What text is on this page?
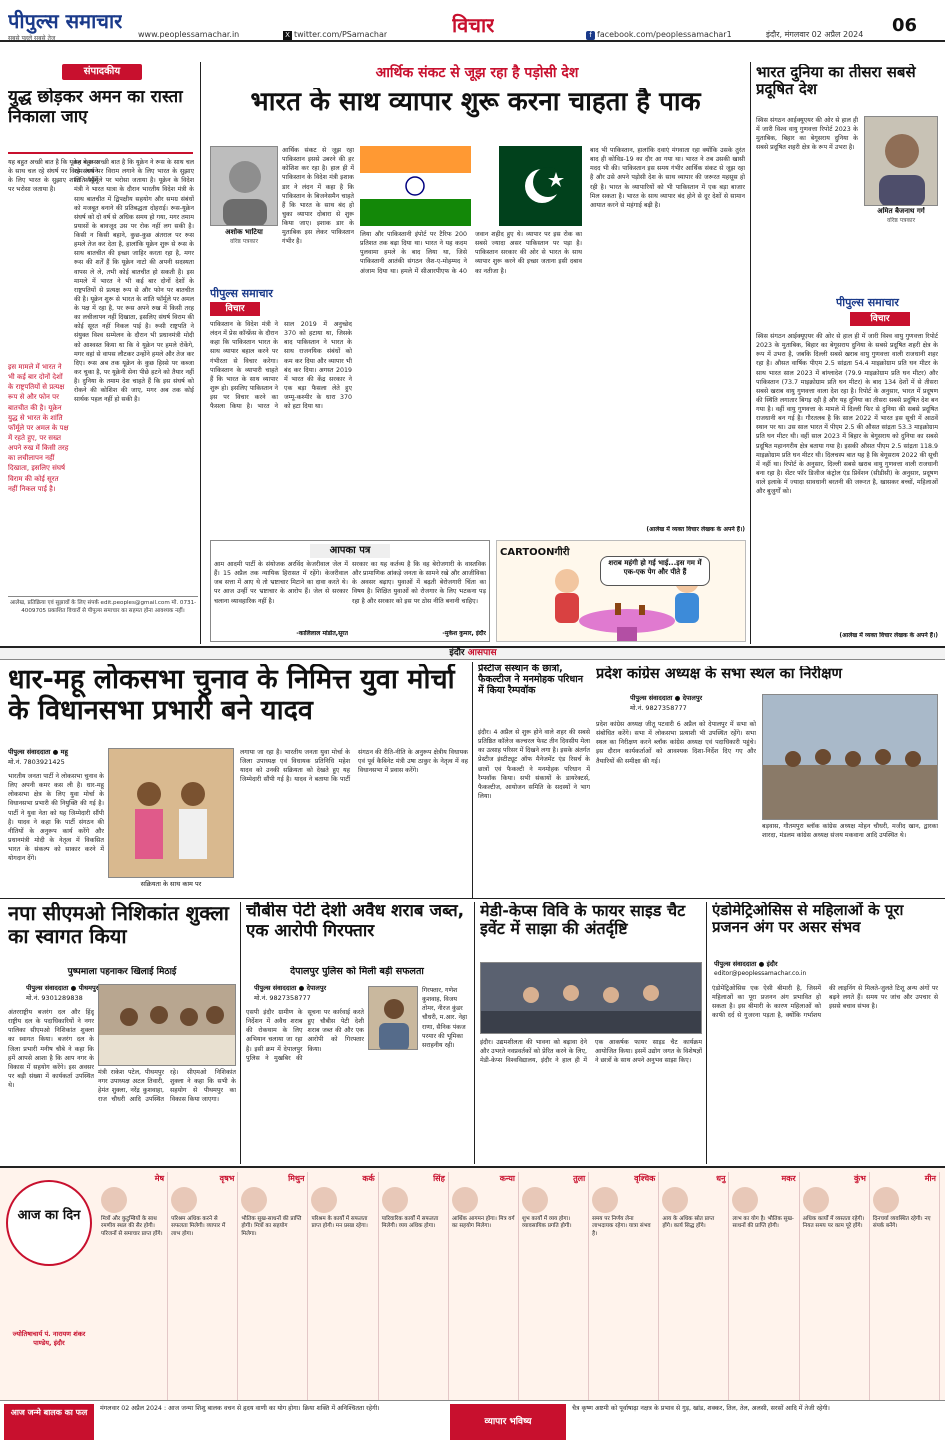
पीपुल्स समाचार
सबसे पहले सबसे तेज	www.peoplessamachar.in	X twitter.com/PSamachar	विचार	f facebook.com/peoplessamachar1	इंदौर, मंगलवार 02 अप्रैल 2024 06
संपादकीय
युद्ध छोड़कर अमन का रास्ता निकाला जाए
यह बहुत अच्छी बात है कि यूक्रेन ने रूस के साथ चल रहे संघर्ष पर विराम लगाने के लिए भारत के सुझाए शांति फॉर्मूले पर भरोसा जताया है।
इस मामले में भारत ने भी कई बार दोनों देशों के राष्ट्रपतियों से प्रत्यक्ष रूप से और फोन पर बातचीत की है। यूक्रेन युद्ध से भारत के शांति फॉर्मूले पर अमल के पक्ष में रहते हुए, पर सख्त अपने रुख में किसी तरह का लचीलापन नहीं दिखाता, इसलिए संघर्ष विराम की कोई सूरत नहीं निकल पाई है।
यह बहुत अच्छी बात है कि यूक्रेन ने रूस के साथ चल रहे संघर्ष पर विराम लगाने के लिए भारत के सुझाए शांति फॉर्मूले पर भरोसा जताया है। यूक्रेन के विदेश मंत्री ने भारत यात्रा के दौरान भारतीय विदेश मंत्री के साथ बातचीत में द्विपक्षीय सहयोग और समग्र संबंधों को मजबूत बनाने की प्रतिबद्धता दोहराई। रूस-यूक्रेन संघर्ष को दो वर्ष से अधिक समय हो गया, मगर तमाम प्रयासों के बावजूद उस पर रोक नहीं लग सकी है। किसी न किसी बहाने, कुछ-कुछ अंतराल पर रूस हमले तेज कर देता है, हालांकि यूक्रेन शुरू से रूस के साथ बातचीत की इच्छा जाहिर करता रहा है, मगर रूस की शर्तें हैं कि यूक्रेन नाटो की अपनी सदस्यता वापस ले ले, तभी कोई बातचीत हो सकती है। इस मामले में भारत ने भी कई बार दोनों देशों के राष्ट्रपतियों से प्रत्यक्ष रूप से और फोन पर बातचीत की है। यूक्रेन शुरू से भारत के शांति फॉर्मूले पर अमल के पक्ष में रहा है, पर रूस अपने रुख में किसी तरह का लचीलापन नहीं दिखाता, इसलिए संघर्ष विराम की कोई सूरत नहीं निकल पाई है। रूसी राष्ट्रपति ने संयुक्त विश्व सम्मेलन के दौरान भी प्रधानमंत्री मोदी को आश्वस्त किया था कि वे यूक्रेन पर हमले रोकेंगे, मगर वहां से वापस लौटकर उन्होंने हमले और तेज कर दिए। रूस अब तक यूक्रेन के कुछ हिस्से पर कब्जा कर चुका है, पर यूक्रेनी सेना पीछे हटने को तैयार नहीं है। दुनिया के तमाम देश चाहते हैं कि इस संघर्ष को रोकने की कोशिश की जाए, मगर अब तक कोई सार्थक पहल नहीं हो सकी है।
आलेख, प्रतिक्रिया एवं सुझावों के लिए संपर्क edit.peoples@gmail.com मो. 0731-4009705 प्रकाशित विचारों से पीपुल्स समाचार का सहमत होना आवश्यक नहीं।
आर्थिक संकट से जूझ रहा है पड़ोसी देश
भारत के साथ व्यापार शुरू करना चाहता है पाक
अशोक भाटिया
वरिष्ठ पत्रकार
पीपुल्स समाचार
विचार
आर्थिक संकट से जूझ रहा पाकिस्तान इससे उबरने की हर कोशिश कर रहा है। हाल ही में पाकिस्तान के विदेश मंत्री इशाक डार ने लंदन में कहा है कि पाकिस्तान के बिजनेसमैन चाहते हैं कि भारत के साथ बंद हो चुका व्यापार दोबारा से शुरू किया जाए। इशाक डार के मुताबिक इस लेकर पाकिस्तान गंभीर है।
पाकिस्तान के विदेश मंत्री ने लंदन में प्रेस कॉन्फ्रेंस के दौरान कहा कि पाकिस्तान भारत के साथ व्यापार बहाल करने पर गंभीरता से विचार करेगा। पाकिस्तान के व्यापारी चाहते हैं कि भारत के साथ व्यापार शुरू हो। इसलिए पाकिस्तान ने इस पर विचार करने का फैसला किया है। भारत ने साल 2019 में अनुच्छेद 370 को हटाया था, जिसके बाद पाकिस्तान ने भारत के साथ राजनयिक संबंधों को कम कर दिया और व्यापार भी बंद कर दिया। अगस्त 2019 में भारत की केंद्र सरकार ने एक बड़ा फैसला लेते हुए जम्मू-कश्मीर के धारा 370 को हटा दिया था।
लिया और पाकिस्तानी इंपोर्ट पर टैरिफ 200 प्रतिशत तक बढ़ा दिया था। भारत ने यह कदम पुलवामा हमले के बाद लिया था, जिसे पाकिस्तानी आतंकी संगठन जैश-ए-मोहम्मद ने अंजाम दिया था। हमले में सीआरपीएफ के 40 जवान शहीद हुए थे। व्यापार पर इस रोक का सबसे ज्यादा असर पाकिस्तान पर पड़ा है। पाकिस्तान सरकार की ओर से भारत के साथ व्यापार शुरू करने की इच्छा जताना इसी दबाव का नतीजा है।
बाद भी पाकिस्तान, हालांकि दवाएं मंगवाता रहा क्योंकि उसके तुरंत बाद ही कोविड-19 का दौर आ गया था। भारत ने तब उसकी खासी मदद भी की। पाकिस्तान इस समय गंभीर आर्थिक संकट से जूझ रहा है और उसे अपने पड़ोसी देश के साथ व्यापार की जरूरत महसूस हो रही है। भारत के व्यापारियों को भी पाकिस्तान में एक बड़ा बाजार मिल सकता है। भारत के साथ व्यापार बंद होने से दूर देशों से सामान आयात करने से महंगाई बढ़ी है।
(आलेख में व्यक्त विचार लेखक के अपने हैं।)
आपका पत्र
आम आदमी पार्टी के संयोजक अरविंद केजरीवाल जेल में हैं। 15 अप्रैल तक न्यायिक हिरासत में रहेंगे। केजरीवाल जब सत्ता में आए थे तो भ्रष्टाचार मिटाने का दावा करते थे। पर आज उन्हीं पर भ्रष्टाचार के आरोप हैं। जेल से सरकार चलाना व्यावहारिक नहीं है।
-कालिलाल मांडोत,सूरत
सरकार का यह कर्तव्य है कि वह बेरोजगारी के वास्तविक और प्रामाणिक आंकड़े जनता के सामने रखे और आजीविका के अवसर बढ़ाए। युवाओं में बढ़ती बेरोजगारी चिंता का विषय है। शिक्षित युवाओं को रोजगार के लिए भटकना पड़ रहा है और सरकार को इस पर ठोस नीति बनानी चाहिए।
-मुकेश कुमार, इंदौर
CARTOONगीरी
शराब महंगी हो गई भाई...इस गम में एक-एक पेग और पीते हैं
भारत दुनिया का तीसरा सबसे प्रदूषित देश
अमित बैजनाथ गर्ग
वरिष्ठ पत्रकार
पीपुल्स समाचार
विचार
स्विस संगठन आईक्यूएयर की ओर से हाल ही में जारी विश्व वायु गुणवत्ता रिपोर्ट 2023 के मुताबिक, बिहार का बेगूसराय दुनिया के सबसे प्रदूषित शहरी क्षेत्र के रूप में उभरा है।
स्विस संगठन आईक्यूएयर की ओर से हाल ही में जारी विश्व वायु गुणवत्ता रिपोर्ट 2023 के मुताबिक, बिहार का बेगूसराय दुनिया के सबसे प्रदूषित शहरी क्षेत्र के रूप में उभरा है, जबकि दिल्ली सबसे खराब वायु गुणवत्ता वाली राजधानी शहर रहा है। औसत वार्षिक पीएम 2.5 सांद्रता 54.4 माइक्रोग्राम प्रति घन मीटर के साथ भारत साल 2023 में बांग्लादेश (79.9 माइक्रोग्राम प्रति घन मीटर) और पाकिस्तान (73.7 माइक्रोग्राम प्रति घन मीटर) के बाद 134 देशों में से तीसरा सबसे खराब वायु गुणवत्ता वाला देश रहा है। रिपोर्ट के अनुसार, भारत में प्रदूषण की स्थिति लगातार बिगड़ रही है और यह दुनिया का तीसरा सबसे प्रदूषित देश बन गया है। वहीं वायु गुणवत्ता के मामले में दिल्ली फिर से दुनिया की सबसे प्रदूषित राजधानी बन गई है। गौरतलब है कि साल 2022 में भारत इस सूची में आठवें स्थान पर था। उस साल भारत में पीएम 2.5 की औसत सांद्रता 53.3 माइक्रोग्राम प्रति घन मीटर थी। वहीं साल 2023 में बिहार के बेगूसराय को दुनिया का सबसे प्रदूषित महानगरीय क्षेत्र बताया गया है। इसकी औसत पीएम 2.5 सांद्रता 118.9 माइक्रोग्राम प्रति घन मीटर थी। दिलचस्प बात यह है कि बेगूसराय 2022 की सूची में नहीं था। रिपोर्ट के अनुसार, दिल्ली सबसे खराब वायु गुणवत्ता वाली राजधानी बना रहा है। सेंटर फॉर डिजीज कंट्रोल एंड प्रिवेंशन (सीडीसी) के अनुसार, प्रदूषण वाले इलाके में ज्यादा सावधानी बरतनी की जरूरत है, खासकर बच्चों, महिलाओं और बुजुर्गों को।
(आलेख में व्यक्त विचार लेखक के अपने हैं।)
इंदौर आसपास
धार-महू लोकसभा चुनाव के निमित्त युवा मोर्चा के विधानसभा प्रभारी बने यादव
पीपुल्स संवाददाता ● महू
मो.नं. 7803921425
भारतीय जनता पार्टी ने लोकसभा चुनाव के लिए अपनी कमर कस ली है। धार-महू लोकसभा क्षेत्र के लिए युवा मोर्चा के विधानसभा प्रभारी की नियुक्ति की गई है। पार्टी ने युवा नेता को यह जिम्मेदारी सौंपी है। यादव ने कहा कि पार्टी संगठन की नीतियों के अनुरूप कार्य करेंगे और प्रधानमंत्री मोदी के नेतृत्व में विकसित भारत के संकल्प को साकार करने में योगदान देंगे।
सक्रियता के साथ काम पर
लगाया जा रहा है। भारतीय जनता युवा मोर्चा के जिला उपाध्यक्ष एवं विधायक प्रतिनिधि महेश यादव को उनकी सक्रियता को देखते हुए यह जिम्मेदारी सौंपी गई है। यादव ने बताया कि पार्टी संगठन की रीति-नीति के अनुरूप क्षेत्रीय विधायक एवं पूर्व कैबिनेट मंत्री उषा ठाकुर के नेतृत्व में वह विधानसभा में प्रवास करेंगे।
प्रेस्टीज संस्थान के छात्रों, फैकल्टीज ने मनमोहक परिधान में किया रैम्पवॉक
इंदौर। 4 अप्रैल से शुरू होने वाले शहर की सबसे प्रतिष्ठित कॉलेज कल्चरल फेस्ट तीन दिवसीय मेला का उत्साह परिसर में दिखने लगा है। इसके अंतर्गत प्रेस्टीज इंस्टीट्यूट ऑफ मैनेजमेंट एंड रिसर्च के छात्रों एवं फैकल्टी ने मनमोहक परिधान में रैम्पवॉक किया। सभी संकायों के डायरेक्टर्स, फैकल्टीज, आयोजन समिति के सदस्यों ने भाग लिया।
प्रदेश कांग्रेस अध्यक्ष के सभा स्थल का निरीक्षण
पीपुल्स संवाददाता ● देपालपुर
मो.नं. 9827358777
प्रदेश कांग्रेस अध्यक्ष जीतू पटवारी 6 अप्रैल को देपालपुर में सभा को संबोधित करेंगे। सभा में लोकसभा प्रत्याशी भी उपस्थित रहेंगे। सभा स्थल का निरीक्षण करने ब्लॉक कांग्रेस अध्यक्ष एवं पदाधिकारी पहुंचे। इस दौरान कार्यकर्ताओं को आवश्यक दिशा-निर्देश दिए गए और तैयारियों की समीक्षा की गई।
बड़वास, गौतमपुरा ब्लॉक कांग्रेस अध्यक्ष मोहन चौधरी, मजीद खान, द्वारका शारदा, मंडलम कांग्रेस अध्यक्ष संजय मकवाना आदि उपस्थित थे।
नपा सीएमओ निशिकांत शुक्ला का स्वागत किया
पुष्पमाला पहनाकर खिलाई मिठाई
पीपुल्स संवाददाता ● पीथमपुर
मो.नं. 9301289838
अंतरराष्ट्रीय बजरंग दल और हिंदू राष्ट्रीय दल के पदाधिकारियों ने नगर पालिका सीएमओ निशिकांत शुक्ला का स्वागत किया। बजरंग दल के जिला प्रभारी मनीष चौबे ने कहा कि हमें आपसे आशा है कि आप नगर के विकास में सहयोग करेंगे। इस अवसर पर बड़ी संख्या में कार्यकर्ता उपस्थित थे।
मंत्री राकेश पटेल, पीथमपुर नगर उपाध्यक्ष अटल तिवारी, हेमंत शुक्ला, नरेंद्र कुशवाहा, राज चौधरी आदि उपस्थित रहे। सीएमओ निशिकांत शुक्ला ने कहा कि सभी के सहयोग से पीथमपुर का विकास किया जाएगा।
चौबीस पेटी देशी अवैध शराब जब्त, एक आरोपी गिरफ्तार
देपालपुर पुलिस को मिली बड़ी सफलता
पीपुल्स संवाददाता ● देपालपुर
मो.नं. 9827358777
एसपी इंदौर ग्रामीण के निर्देशन में अवैध शराब की रोकथाम के लिए अभियान चलाया जा रहा है। इसी क्रम में देपालपुर पुलिस ने मुखबिर की सूचना पर कार्रवाई करते हुए चौबीस पेटी देशी शराब जब्त की और एक आरोपी को गिरफ्तार किया।
गिरफ्तार, गणेश कुशवाह, विजय तोमर, नीरज कुंडर चौधरी, म.आर. नेहा राणा, सैनिक पंकज परमार की भूमिका सराहनीय रही।
मेडी-केप्स विवि के फायर साइड चैट इवेंट में साझा की अंतर्दृष्टि
इंदौर। उद्यमशीलता की भावना को बढ़ावा देने और उभरते नवप्रवर्तकों को प्रेरित करने के लिए, मेडी-केप्स विश्वविद्यालय, इंदौर ने हाल ही में एक आकर्षक फायर साइड चैट कार्यक्रम आयोजित किया। इसमें उद्योग जगत के विशेषज्ञों ने छात्रों के साथ अपने अनुभव साझा किए।
एंडोमेट्रिओसिस से महिलाओं के पूरा प्रजनन अंग पर असर संभव
पीपुल्स संवाददाता ● इंदौर
editor@peoplessamachar.co.in
एंडोमेट्रिओसिस एक ऐसी बीमारी है, जिसमें महिलाओं का पूरा प्रजनन अंग प्रभावित हो सकता है। इस बीमारी के कारण महिलाओं को काफी दर्द से गुजरना पड़ता है, क्योंकि गर्भाशय की लाइनिंग से मिलते-जुलते टिशू अन्य अंगों पर बढ़ने लगते हैं। समय पर जांच और उपचार से इससे बचाव संभव है।
आज का दिन
ज्योतिषाचार्य पं. नारायण शंकर पाण्डेय, इंदौर
मेष
मित्रों और कुटुम्बियों के साथ रमणीय स्थल की सैर होगी। परिजनों से समाचार प्राप्त होंगे।
वृषभ
परिश्रम अधिक करने से सफलता मिलेगी। व्यापार में लाभ होगा।
मिथुन
भौतिक सुख-साधनों की प्राप्ति होगी। मित्रों का सहयोग मिलेगा।
कर्क
परिश्रम के कार्यों में सफलता प्राप्त होगी। मन प्रसन्न रहेगा।
सिंह
पारिवारिक कार्यों में सफलता मिलेगी। व्यय अधिक होगा।
कन्या
आर्थिक आगमन होगा। मित्र वर्ग का सहयोग मिलेगा।
तुला
शुभ कार्यों में व्यय होगा। व्यावसायिक प्रगति होगी।
वृश्चिक
समय पर निर्णय लेना लाभदायक रहेगा। यात्रा संभव है।
धनु
आय के अधिक स्रोत प्राप्त होंगे। कार्य सिद्ध होंगे।
मकर
लाभ का योग है। भौतिक सुख-साधनों की प्राप्ति होगी।
कुंभ
अधिक कार्यों में व्यस्तता रहेगी। नियत समय पर काम पूरे होंगे।
मीन
दिनचर्या व्यवस्थित रहेगी। नए संपर्क बनेंगे।
आज जन्मे बालक का फल	मंगलवार 02 अप्रैल 2024 : आज जन्मा शिशु बालक वचन से हृदय वाणी का योग होगा। क्रिया शक्ति में अनिश्चितता रहेगी।
व्यापार भविष्य
चैत्र कृष्ण अष्टमी को पूर्वाषाढ़ा नक्षत्र के प्रभाव से गुड़, खांड, शक्कर, तिल, तेल, अलसी, सरसों आदि में तेजी रहेगी।
